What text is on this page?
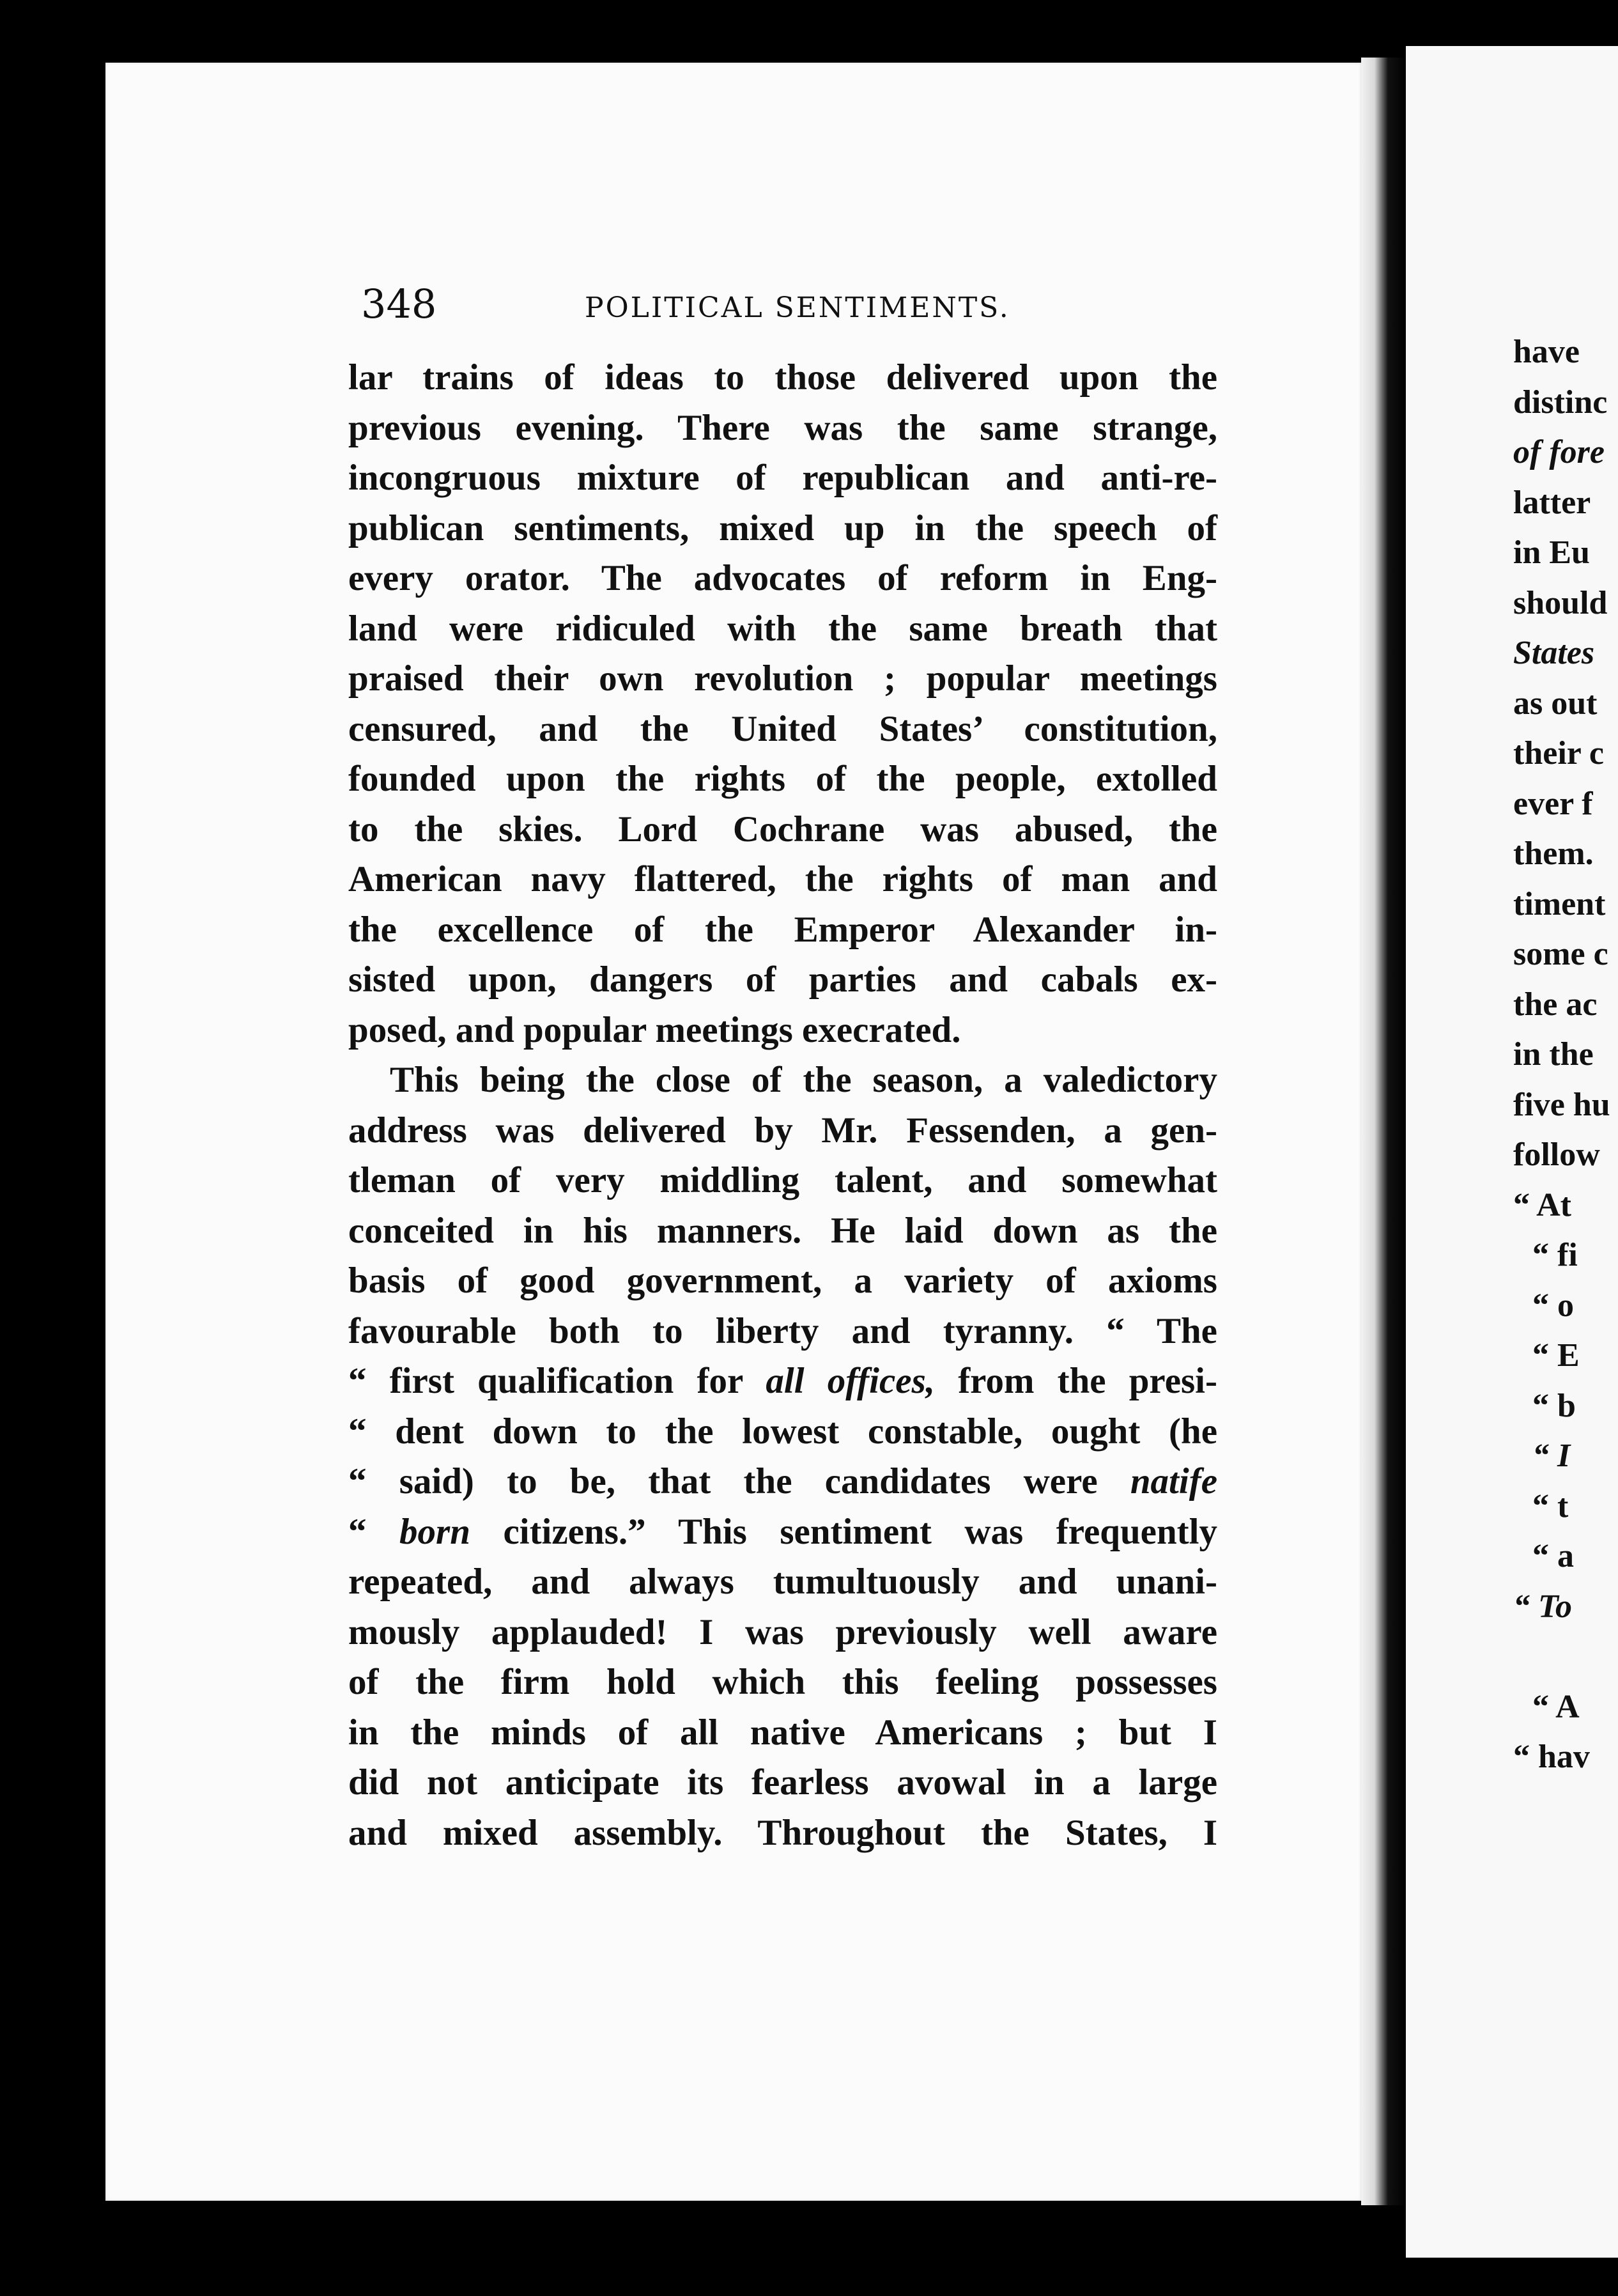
348	POLITICAL SENTIMENTS.
lar trains of ideas to those delivered upon the
previous evening. There was the same strange,
incongruous mixture of republican and anti-re-
publican sentiments, mixed up in the speech of
every orator. The advocates of reform in Eng-
land were ridiculed with the same breath that
praised their own revolution ; popular meetings
censured, and the United States’ constitution,
founded upon the rights of the people, extolled
to the skies. Lord Cochrane was abused, the
American navy flattered, the rights of man and
the excellence of the Emperor Alexander in-
sisted upon, dangers of parties and cabals ex-
posed, and popular meetings execrated.
This being the close of the season, a valedictory
address was delivered by Mr. Fessenden, a gen-
tleman of very middling talent, and somewhat
conceited in his manners. He laid down as the
basis of good government, a variety of axioms
favourable both to liberty and tyranny. “ The
“ first qualification for all offices, from the presi-
“ dent down to the lowest constable, ought (he
“ said) to be, that the candidates were natife
“ born citizens.” This sentiment was frequently
repeated, and always tumultuously and unani-
mously applauded! I was previously well aware
of the firm hold which this feeling possesses
in the minds of all native Americans ; but I
did not anticipate its fearless avowal in a large
and mixed assembly. Throughout the States, I
have
distinc
of fore
latter
in Eu
should
States
as out
their c
ever f
them.
timent
some c
the ac
in the
five hu
follow
“ At
“ fi
“ o
“ E
“ b
“ I
“ t
“ a
“ To
“ A
“ hav
